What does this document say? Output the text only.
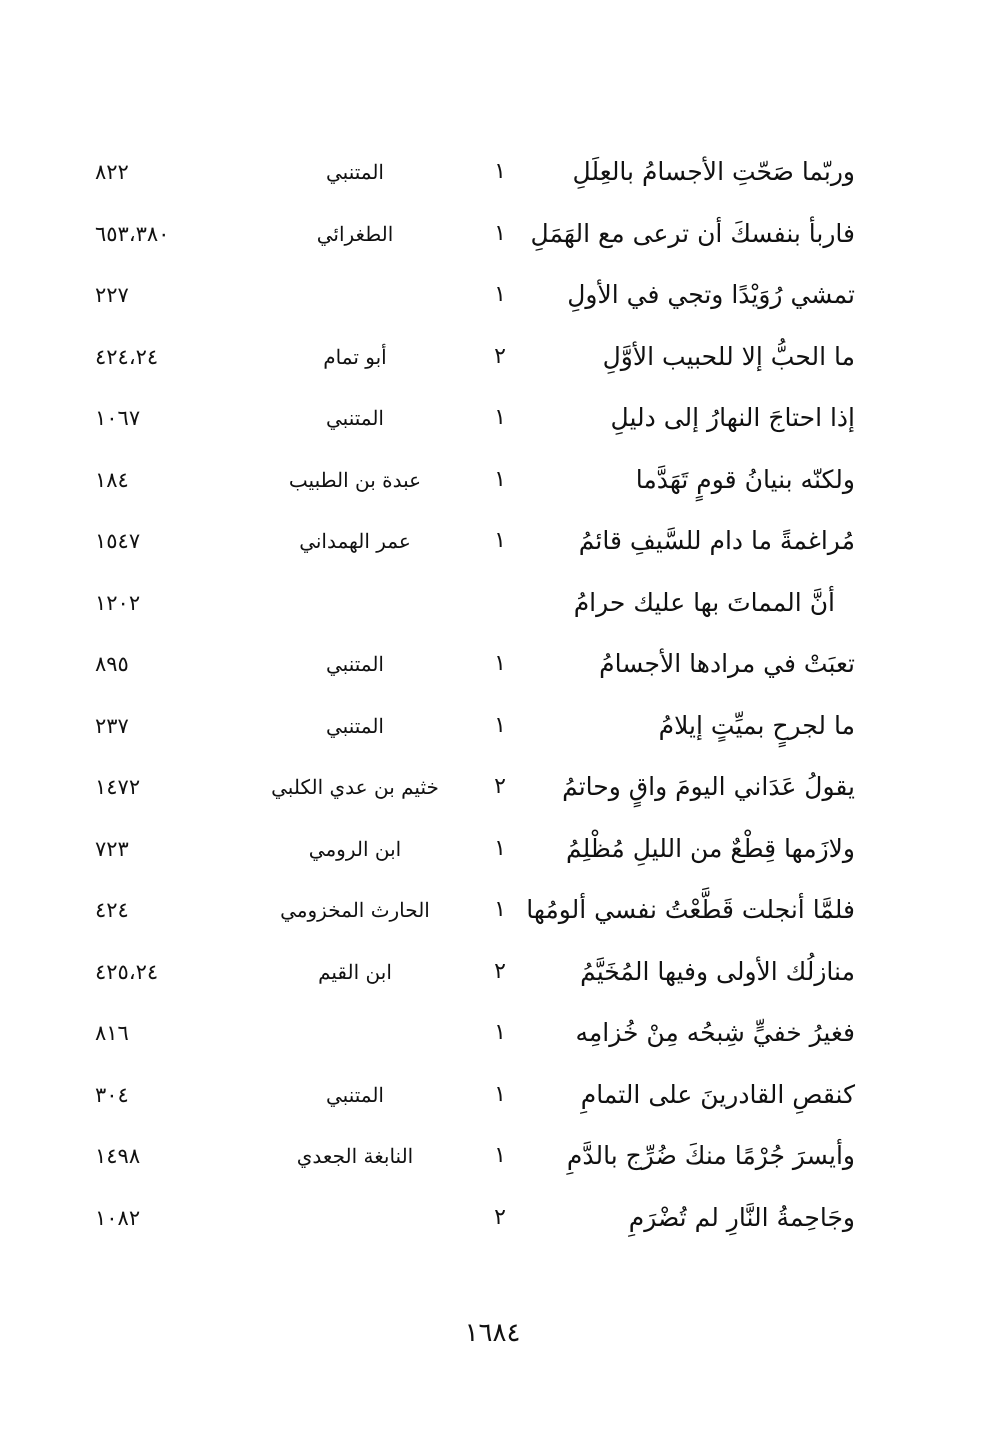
وربّما صَحّتِ الأجسامُ بالعِلَلِ
١
المتنبي
٨٢٢
فاربأ بنفسكَ أن ترعى مع الهَمَلِ
١
الطغرائي
٦٥٣،٣٨٠
تمشي رُوَيْدًا وتجي في الأولِ
١
٢٢٧
ما الحبُّ إلا للحبيب الأوَّلِ
٢
أبو تمام
٤٢٤،٢٤
إذا احتاجَ النهارُ إلى دليلِ
١
المتنبي
١٠٦٧
ولكنّه بنيانُ قومٍ تَهَدَّما
١
عبدة بن الطبيب
١٨٤
مُراغمةً ما دام للسَّيفِ قائمُ
١
عمر الهمداني
١٥٤٧
أنَّ المماتَ بها عليك حرامُ
١٢٠٢
تعبَتْ في مرادها الأجسامُ
١
المتنبي
٨٩٥
ما لجرحٍ بميِّتٍ إيلامُ
١
المتنبي
٢٣٧
يقولُ عَدَاني اليومَ واقٍ وحاتمُ
٢
خثيم بن عدي الكلبي
١٤٧٢
ولازَمها قِطْعٌ من الليلِ مُظْلِمُ
١
ابن الرومي
٧٢٣
فلمَّا أنجلت قَطَّعْتُ نفسي ألومُها
١
الحارث المخزومي
٤٢٤
منازلُك الأولى وفيها المُخَيَّمُ
٢
ابن القيم
٤٢٥،٢٤
فغيرُ خفيٍّ شِبحُه مِنْ خُزامِه
١
٨١٦
كنقصِ القادرينَ على التمامِ
١
المتنبي
٣٠٤
وأيسرَ جُرْمًا منكَ ضُرِّج بالدَّمِ
١
النابغة الجعدي
١٤٩٨
وجَاحِمةُ النَّارِ لم تُضْرَمِ
٢
١٠٨٢
١٦٨٤
